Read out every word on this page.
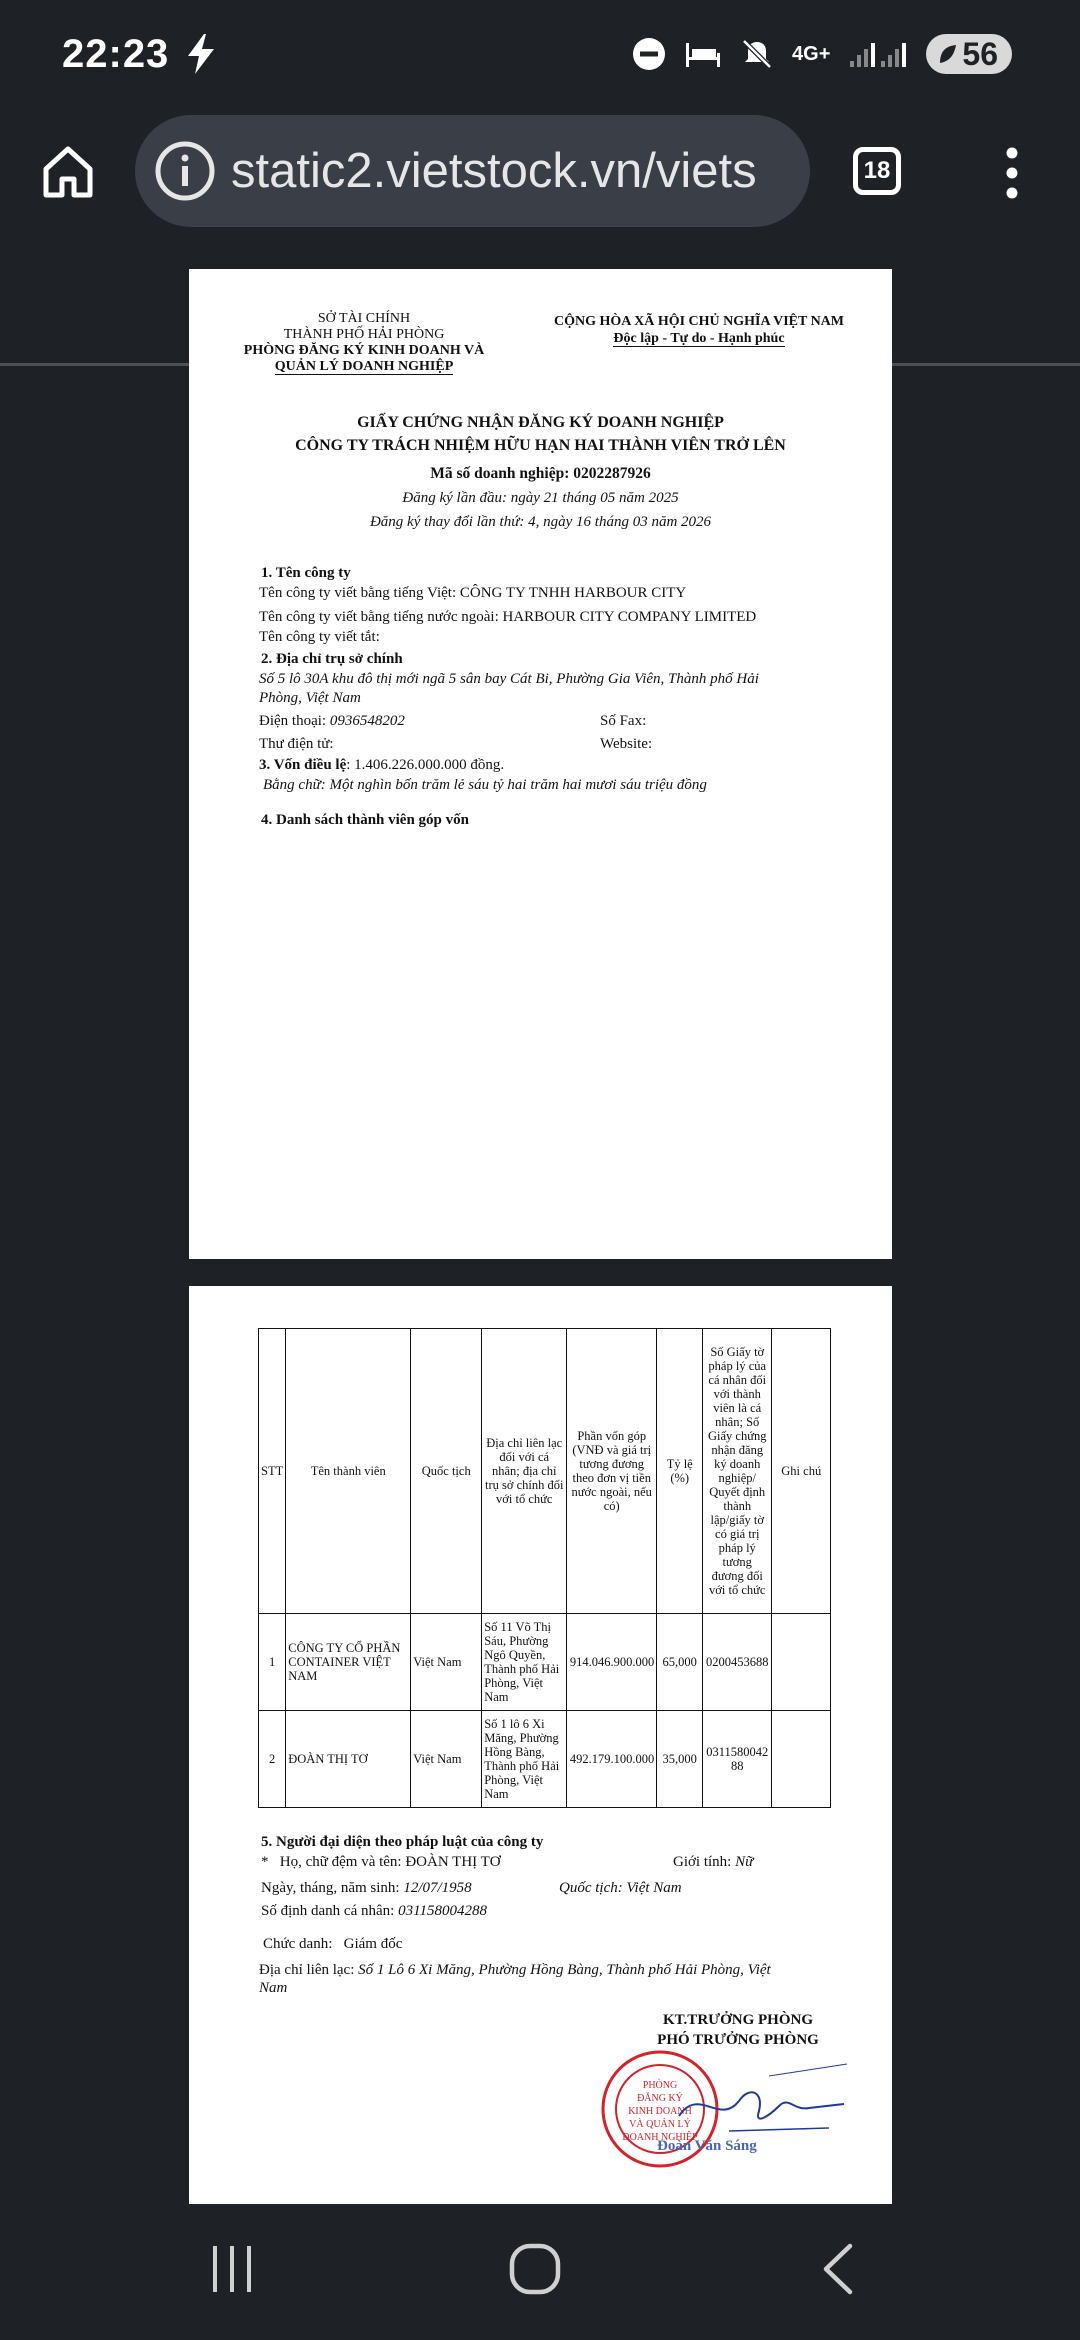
22:23	4G+	56
static2.vietstock.vn/viets	18
SỞ TÀI CHÍNH
THÀNH PHỐ HẢI PHÒNG
PHÒNG ĐĂNG KÝ KINH DOANH VÀ
QUẢN LÝ DOANH NGHIỆP
CỘNG HÒA XÃ HỘI CHỦ NGHĨA VIỆT NAM
Độc lập - Tự do - Hạnh phúc
GIẤY CHỨNG NHẬN ĐĂNG KÝ DOANH NGHIỆP
CÔNG TY TRÁCH NHIỆM HỮU HẠN HAI THÀNH VIÊN TRỞ LÊN
Mã số doanh nghiệp: 0202287926
Đăng ký lần đầu: ngày 21 tháng 05 năm 2025
Đăng ký thay đổi lần thứ: 4, ngày 16 tháng 03 năm 2026
1. Tên công ty
Tên công ty viết bằng tiếng Việt: CÔNG TY TNHH HARBOUR CITY
Tên công ty viết bằng tiếng nước ngoài: HARBOUR CITY COMPANY LIMITED
Tên công ty viết tắt:
2. Địa chỉ trụ sở chính
Số 5 lô 30A khu đô thị mới ngã 5 sân bay Cát Bi, Phường Gia Viên, Thành phố Hải
Phòng, Việt Nam
Điện thoại: 0936548202	Số Fax:
Thư điện tử:	Website:
3. Vốn điều lệ: 1.406.226.000.000 đồng.
Bằng chữ: Một nghìn bốn trăm lẻ sáu tỷ hai trăm hai mươi sáu triệu đồng
4. Danh sách thành viên góp vốn
STT	Tên thành viên	Quốc tịch	Địa chỉ liên lạc đối với cá nhân; địa chỉ trụ sở chính đối với tổ chức	Phần vốn góp (VNĐ và giá trị tương đương theo đơn vị tiền nước ngoài, nếu có)	Tỷ lệ (%)	Số Giấy tờ pháp lý của cá nhân đối với thành viên là cá nhân; Số Giấy chứng nhận đăng ký doanh nghiệp/ Quyết định thành lập/giấy tờ có giá trị pháp lý tương đương đối với tổ chức	Ghi chú
1	CÔNG TY CỔ PHẦN CONTAINER VIỆT NAM	Việt Nam	Số 11 Võ Thị Sáu, Phường Ngô Quyền, Thành phố Hải Phòng, Việt Nam	914.046.900.000	65,000	0200453688	
2	ĐOÀN THỊ TƠ	Việt Nam	Số 1 lô 6 Xi Măng, Phường Hồng Bàng, Thành phố Hải Phòng, Việt Nam	492.179.100.000	35,000	031158004288	
5. Người đại diện theo pháp luật của công ty
* Họ, chữ đệm và tên: ĐOÀN THỊ TƠ	Giới tính: Nữ
Ngày, tháng, năm sinh: 12/07/1958	Quốc tịch: Việt Nam
Số định danh cá nhân: 031158004288
Chức danh: Giám đốc
Địa chỉ liên lạc: Số 1 Lô 6 Xi Măng, Phường Hồng Bàng, Thành phố Hải Phòng, Việt
Nam
KT.TRƯỞNG PHÒNG
PHÓ TRƯỞNG PHÒNG
PHÒNG
ĐĂNG KÝ
KINH DOANH
VÀ QUẢN LÝ
DOANH NGHIỆP
Đoàn Văn Sáng
